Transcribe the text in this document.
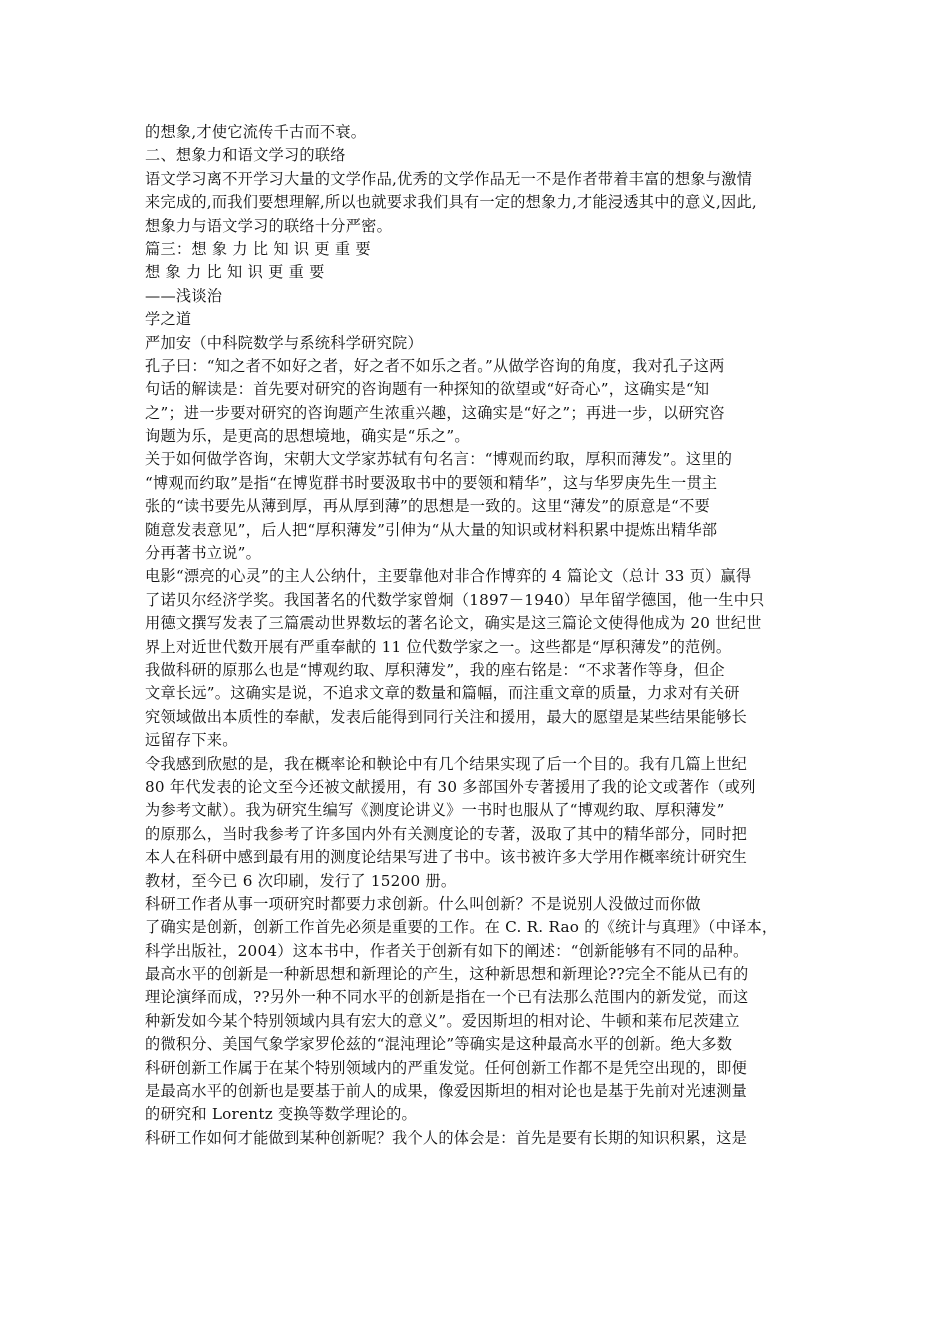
的想象,才使它流传千古而不衰。
二、想象力和语文学习的联络
语文学习离不开学习大量的文学作品,优秀的文学作品无一不是作者带着丰富的想象与激情
来完成的,而我们要想理解,所以也就要求我们具有一定的想象力,才能浸透其中的意义,因此,
想象力与语文学习的联络十分严密。
篇三：想 象 力 比 知 识 更 重 要
想 象 力 比 知 识 更 重 要
——浅谈治
学之道
严加安（中科院数学与系统科学研究院）
孔子曰：“知之者不如好之者，好之者不如乐之者。”从做学咨询的角度，我对孔子这两
句话的解读是：首先要对研究的咨询题有一种探知的欲望或“好奇心”，这确实是“知
之”；进一步要对研究的咨询题产生浓重兴趣，这确实是“好之”；再进一步，以研究咨
询题为乐，是更高的思想境地，确实是“乐之”。
关于如何做学咨询，宋朝大文学家苏轼有句名言：“博观而约取，厚积而薄发”。这里的
“博观而约取”是指“在博览群书时要汲取书中的要领和精华”，这与华罗庚先生一贯主
张的“读书要先从薄到厚，再从厚到薄”的思想是一致的。这里“薄发”的原意是“不要
随意发表意见”，后人把“厚积薄发”引伸为“从大量的知识或材料积累中提炼出精华部
分再著书立说”。
电影“漂亮的心灵”的主人公纳什，主要靠他对非合作博弈的 4 篇论文（总计 33 页）赢得
了诺贝尔经济学奖。我国著名的代数学家曾炯（1897－1940）早年留学德国，他一生中只
用德文撰写发表了三篇震动世界数坛的著名论文，确实是这三篇论文使得他成为 20 世纪世
界上对近世代数开展有严重奉献的 11 位代数学家之一。这些都是“厚积薄发”的范例。
我做科研的原那么也是“博观约取、厚积薄发”，我的座右铭是：“不求著作等身，但企
文章长远”。这确实是说，不追求文章的数量和篇幅，而注重文章的质量，力求对有关研
究领域做出本质性的奉献，发表后能得到同行关注和援用，最大的愿望是某些结果能够长
远留存下来。
令我感到欣慰的是，我在概率论和鞅论中有几个结果实现了后一个目的。我有几篇上世纪
80 年代发表的论文至今还被文献援用，有 30 多部国外专著援用了我的论文或著作（或列
为参考文献）。我为研究生编写《测度论讲义》一书时也服从了“博观约取、厚积薄发”
的原那么，当时我参考了许多国内外有关测度论的专著，汲取了其中的精华部分，同时把
本人在科研中感到最有用的测度论结果写进了书中。该书被许多大学用作概率统计研究生
教材，至今已 6 次印刷，发行了 15200 册。
科研工作者从事一项研究时都要力求创新。什么叫创新？不是说别人没做过而你做
了确实是创新，创新工作首先必须是重要的工作。在 C. R. Rao 的《统计与真理》（中译本，
科学出版社，2004）这本书中，作者关于创新有如下的阐述：“创新能够有不同的品种。
最高水平的创新是一种新思想和新理论的产生，这种新思想和新理论??完全不能从已有的
理论演绎而成，??另外一种不同水平的创新是指在一个已有法那么范围内的新发觉，而这
种新发如今某个特别领域内具有宏大的意义”。爱因斯坦的相对论、牛顿和莱布尼茨建立
的微积分、美国气象学家罗伦兹的“混沌理论”等确实是这种最高水平的创新。绝大多数
科研创新工作属于在某个特别领域内的严重发觉。任何创新工作都不是凭空出现的，即便
是最高水平的创新也是要基于前人的成果，像爱因斯坦的相对论也是基于先前对光速测量
的研究和 Lorentz 变换等数学理论的。
科研工作如何才能做到某种创新呢？我个人的体会是：首先是要有长期的知识积累，这是
